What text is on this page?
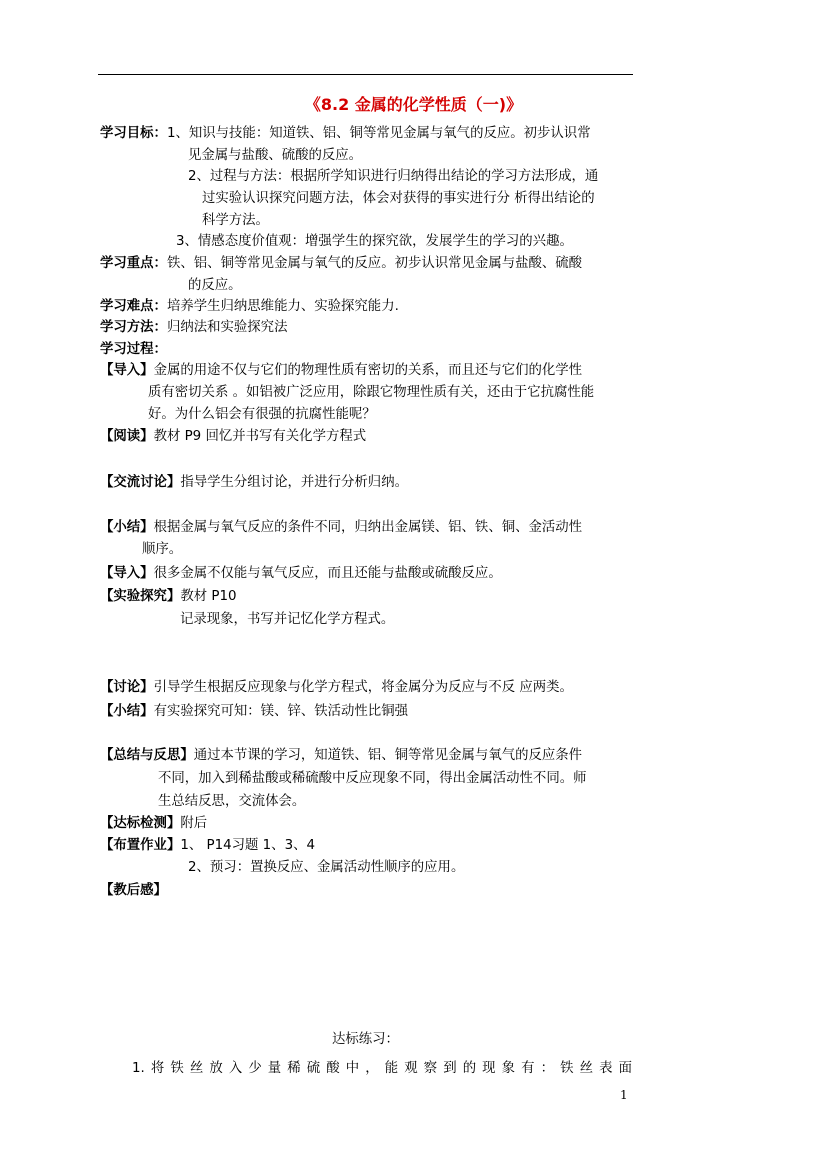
《8.2 金属的化学性质（一)》
学习目标：1、知识与技能：知道铁、铝、铜等常见金属与氧气的反应。初步认识常
见金属与盐酸、硫酸的反应。
2、过程与方法：根据所学知识进行归纳得出结论的学习方法形成，通
过实验认识探究问题方法，体会对获得的事实进行分 析得出结论的
科学方法。
3、情感态度价值观：增强学生的探究欲，发展学生的学习的兴趣。
学习重点：铁、铝、铜等常见金属与氧气的反应。初步认识常见金属与盐酸、硫酸
的反应。
学习难点：培养学生归纳思维能力、实验探究能力.
学习方法：归纳法和实验探究法
学习过程：
【导入】金属的用途不仅与它们的物理性质有密切的关系，而且还与它们的化学性
质有密切关系 。如铝被广泛应用，除跟它物理性质有关，还由于它抗腐性能
好。为什么铝会有很强的抗腐性能呢？
【阅读】教材 P9 回忆并书写有关化学方程式
【交流讨论】指导学生分组讨论，并进行分析归纳。
【小结】根据金属与氧气反应的条件不同，归纳出金属镁、铝、铁、铜、金活动性
顺序。
【导入】很多金属不仅能与氧气反应，而且还能与盐酸或硫酸反应。
【实验探究】教材 P10
记录现象，书写并记忆化学方程式。
【讨论】引导学生根据反应现象与化学方程式，将金属分为反应与不反 应两类。
【小结】有实验探究可知：镁、锌、铁活动性比铜强
【总结与反思】通过本节课的学习，知道铁、铝、铜等常见金属与氧气的反应条件
不同，加入到稀盐酸或稀硫酸中反应现象不同，得出金属活动性不同。师
生总结反思，交流体会。
【达标检测】附后
【布置作业】1、 P14习题 1、3、4
2、预习：置换反应、金属活动性顺序的应用。
【教后感】
达标练习：
1.将铁丝放入少量稀硫酸中，能观察到的现象有：铁丝表面
1
